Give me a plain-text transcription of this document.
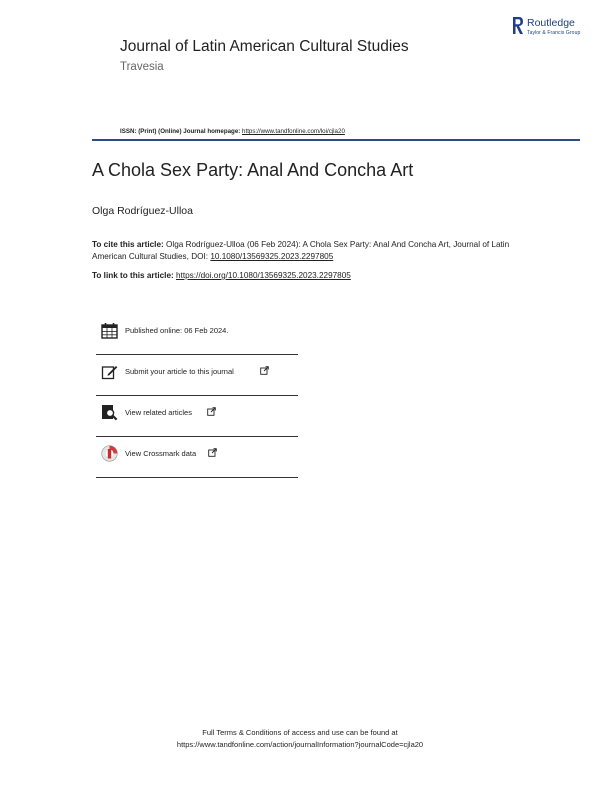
Routledge
Taylor & Francis Group
Journal of Latin American Cultural Studies
Travesia
ISSN: (Print) (Online) Journal homepage: https://www.tandfonline.com/loi/cjla20
A Chola Sex Party: Anal And Concha Art
Olga Rodríguez-Ulloa
To cite this article: Olga Rodríguez-Ulloa (06 Feb 2024): A Chola Sex Party: Anal And Concha Art, Journal of Latin American Cultural Studies, DOI: 10.1080/13569325.2023.2297805
To link to this article: https://doi.org/10.1080/13569325.2023.2297805
Published online: 06 Feb 2024.
Submit your article to this journal
View related articles
View Crossmark data
Full Terms & Conditions of access and use can be found at
https://www.tandfonline.com/action/journalInformation?journalCode=cjla20
